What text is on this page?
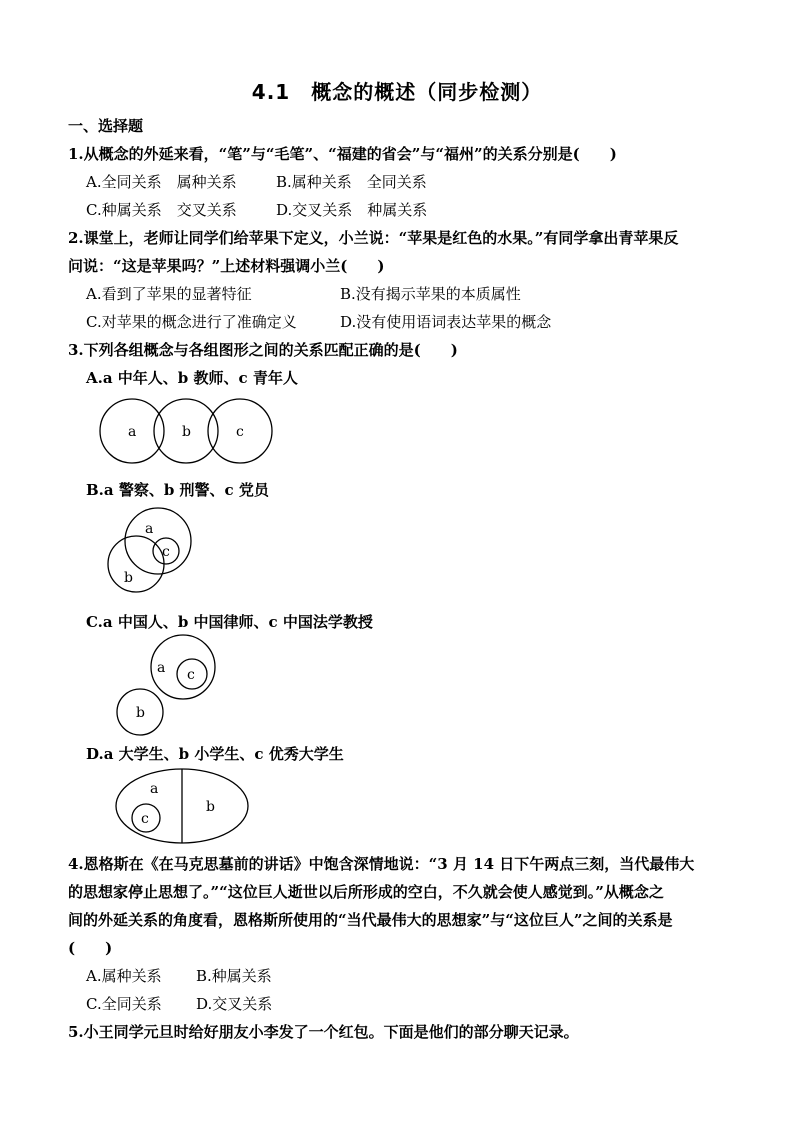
4.1　概念的概述（同步检测）
一、选择题
1.从概念的外延来看，“笔”与“毛笔”、“福建的省会”与“福州”的关系分别是(　　)
A.全同关系　属种关系	B.属种关系　全同关系
C.种属关系　交叉关系	D.交叉关系　种属关系
2.课堂上，老师让同学们给苹果下定义，小兰说：“苹果是红色的水果。”有同学拿出青苹果反
问说：“这是苹果吗？”上述材料强调小兰(　　)
A.看到了苹果的显著特征	B.没有揭示苹果的本质属性
C.对苹果的概念进行了准确定义	D.没有使用语词表达苹果的概念
3.下列各组概念与各组图形之间的关系匹配正确的是(　　)
A.a 中年人、b 教师、c 青年人
a	b	c
B.a 警察、b 刑警、c 党员
a
b
c
C.a 中国人、b 中国律师、c 中国法学教授
a c
b
D.a 大学生、b 小学生、c 优秀大学生
a
c
b
4.恩格斯在《在马克思墓前的讲话》中饱含深情地说：“3 月 14 日下午两点三刻，当代最伟大
的思想家停止思想了。”“这位巨人逝世以后所形成的空白，不久就会使人感觉到。”从概念之
间的外延关系的角度看，恩格斯所使用的“当代最伟大的思想家”与“这位巨人”之间的关系是
(　　)
A.属种关系 B.种属关系
C.全同关系 D.交叉关系
5.小王同学元旦时给好朋友小李发了一个红包。下面是他们的部分聊天记录。
